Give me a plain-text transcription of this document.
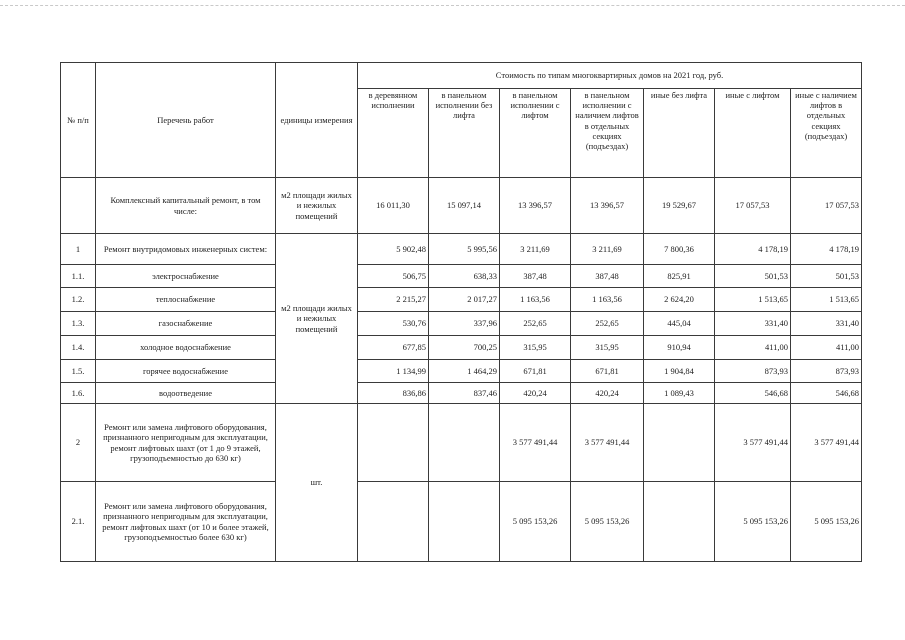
№ п/п	Перечень работ	единицы измерения	Стоимость по типам многоквартирных домов на 2021 год, руб.						
			в деревянном исполнении	в панельном исполнении без лифта	в панельном исполнении с лифтом	в панельном исполнении с наличием лифтов в отдельных секциях (подъездах)	иные без лифта	иные с лифтом	иные с наличием лифтов в отдельных секциях (подъездах)
	Комплексный капитальный ремонт, в том числе:	м2 площади жилых и нежилых помещений	16 011,30	15 097,14	13 396,57	13 396,57	19 529,67	17 057,53	17 057,53
1	Ремонт внутридомовых инженерных систем:	м2 площади жилых и нежилых помещений	5 902,48	5 995,56	3 211,69	3 211,69	7 800,36	4 178,19	4 178,19
1.1.	электроснабжение		506,75	638,33	387,48	387,48	825,91	501,53	501,53
1.2.	теплоснабжение		2 215,27	2 017,27	1 163,56	1 163,56	2 624,20	1 513,65	1 513,65
1.3.	газоснабжение		530,76	337,96	252,65	252,65	445,04	331,40	331,40
1.4.	холодное водоснабжение		677,85	700,25	315,95	315,95	910,94	411,00	411,00
1.5.	горячее водоснабжение		1 134,99	1 464,29	671,81	671,81	1 904,84	873,93	873,93
1.6.	водоотведение		836,86	837,46	420,24	420,24	1 089,43	546,68	546,68
2	Ремонт или замена лифтового оборудования, признанного непригодным для эксплуатации, ремонт лифтовых шахт (от 1 до 9 этажей, грузоподъемностью до 630 кг)	шт.			3 577 491,44	3 577 491,44		3 577 491,44	3 577 491,44
2.1.	Ремонт или замена лифтового оборудования, признанного непригодным для эксплуатации, ремонт лифтовых шахт (от 10 и более этажей, грузоподъемностью более 630 кг)				5 095 153,26	5 095 153,26		5 095 153,26	5 095 153,26
